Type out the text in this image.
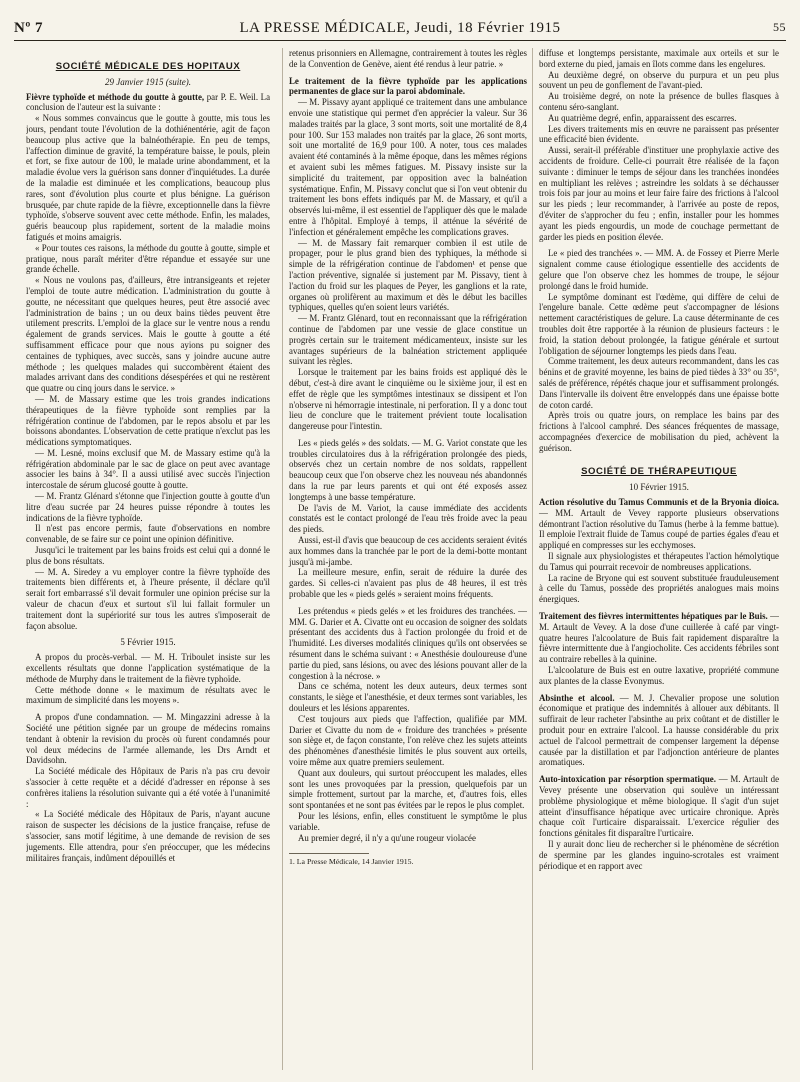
Nº 7	LA PRESSE MÉDICALE, Jeudi, 18 Février 1915	55
SOCIÉTÉ MÉDICALE DES HOPITAUX
29 Janvier 1915 (suite).

Fièvre typhoïde et méthode du goutte à goutte, par P. E. Weil. La conclusion de l'auteur est la suivante :

« Nous sommes convaincus que le goutte à goutte, mis tous les jours, pendant toute l'évolution de la dothiénentérie, agit de façon beaucoup plus active que la balnéothérapie. En peu de temps, l'affection diminue de gravité, la température baisse, le pouls, plein et fort, se fixe autour de 100, le malade urine abondamment, et la maladie évolue vers la guérison sans donner d'inquiétudes. La durée de la maladie est diminuée et les complications, beaucoup plus rares, sont d'évolution plus courte et plus bénigne. La guérison brusquée, par chute rapide de la fièvre, exceptionnelle dans la fièvre typhoïde, s'observe souvent avec cette méthode. Enfin, les malades, guéris beaucoup plus rapidement, sortent de la maladie moins fatigués et moins amaigris.

« Pour toutes ces raisons, la méthode du goutte à goutte, simple et pratique, nous paraît mériter d'être répandue et essayée sur une grande échelle.

« Nous ne voulons pas, d'ailleurs, être intransigeants et rejeter l'emploi de toute autre médication. L'administration du goutte à goutte, ne nécessitant que quelques heures, peut être associé avec l'administration de bains ; un ou deux bains tièdes peuvent être utilement prescrits. L'emploi de la glace sur le ventre nous a rendu également de grands services. Mais le goutte à goutte a été suffisamment efficace pour que nous ayions pu soigner des centaines de typhiques, avec succès, sans y joindre aucune autre méthode ; les quelques malades qui succombèrent étaient des malades arrivant dans des conditions désespérées et qui ne restèrent que quatre ou cinq jours dans le service. »

— M. de Massary estime que les trois grandes indications thérapeutiques de la fièvre typhoïde sont remplies par la réfrigération continue de l'abdomen, par le repos absolu et par les boissons abondantes. L'observation de cette pratique n'exclut pas les médications symptomatiques.

— M. Lesné, moins exclusif que M. de Massary estime qu'à la réfrigération abdominale par le sac de glace on peut avec avantage associer les bains à 34°. Il a aussi utilisé avec succès l'injection intercostale de sérum glucosé goutte à goutte.

— M. Frantz Glénard s'étonne que l'injection goutte à goutte d'un litre d'eau sucrée par 24 heures puisse répondre à toutes les indications de la fièvre typhoïde.

Il n'est pas encore permis, faute d'observations en nombre convenable, de se faire sur ce point une opinion définitive.

Jusqu'ici le traitement par les bains froids est celui qui a donné le plus de bons résultats.

— M. A. Siredey a vu employer contre la fièvre typhoïde des traitements bien différents et, à l'heure présente, il déclare qu'il serait fort embarrassé s'il devait formuler une opinion précise sur la valeur de chacun d'eux et surtout s'il lui fallait formuler un traitement dont la supériorité sur tous les autres s'imposerait de façon absolue.

5 Février 1915.

A propos du procès-verbal. — M. H. Triboulet insiste sur les excellents résultats que donne l'application systématique de la méthode de Murphy dans le traitement de la fièvre typhoïde.

Cette méthode donne « le maximum de résultats avec le maximum de simplicité dans les moyens ».

A propos d'une condamnation. — M. Mingazzini adresse à la Société une pétition signée par un groupe de médecins romains tendant à obtenir la revision du procès où furent condamnés pour vol deux médecins de l'armée allemande, les Drs Arndt et Davidsohn.

La Société médicale des Hôpitaux de Paris n'a pas cru devoir s'associer à cette requête et a décidé d'adresser en réponse à ses confrères italiens la résolution suivante qui a été votée à l'unanimité :

« La Société médicale des Hôpitaux de Paris, n'ayant aucune raison de suspecter les décisions de la justice française, refuse de s'associer, sans motif légitime, à une demande de revision de ses jugements. Elle attendra, pour s'en préoccuper, que les médecins militaires français, indûment dépouillés et

retenus prisonniers en Allemagne, contrairement à toutes les règles de la Convention de Genève, aient été rendus à leur patrie. »

Le traitement de la fièvre typhoïde par les applications permanentes de glace sur la paroi abdominale.

— M. Pissavy ayant appliqué ce traitement dans une ambulance envoie une statistique qui permet d'en apprécier la valeur. Sur 36 malades traités par la glace, 3 sont morts, soit une mortalité de 8,4 pour 100. Sur 153 malades non traités par la glace, 26 sont morts, soit une mortalité de 16,9 pour 100. A noter, tous ces malades avaient été contaminés à la même époque, dans les mêmes régions et avaient subi les mêmes fatigues. M. Pissavy insiste sur la simplicité du traitement, par opposition avec la balnéation systématique. Enfin, M. Pissavy conclut que si l'on veut obtenir du traitement les bons effets indiqués par M. de Massary, et qu'il a observés lui-même, il est essentiel de l'appliquer dès que le malade entre à l'hôpital. Employé à temps, il atténue la sévérité de l'infection et généralement empêche les complications graves.

— M. de Massary fait remarquer combien il est utile de propager, pour le plus grand bien des typhiques, la méthode si simple de la réfrigération continue de l'abdomen¹ et pense que l'action préventive, signalée si justement par M. Pissavy, tient à l'action du froid sur les plaques de Peyer, les ganglions et la rate, organes où prolifèrent au maximum et dès le début les bacilles typhiques, quelles qu'en soient leurs variétés.

— M. Frantz Glénard, tout en reconnaissant que la réfrigération continue de l'abdomen par une vessie de glace constitue un progrès certain sur le traitement médicamenteux, insiste sur les avantages supérieurs de la balnéation strictement appliquée suivant les règles.

Lorsque le traitement par les bains froids est appliqué dès le début, c'est-à dire avant le cinquième ou le sixième jour, il est en effet de règle que les symptômes intestinaux se dissipent et l'on n'observe ni hémorragie intestinale, ni perforation. Il y a donc tout lieu de conclure que le traitement prévient toute localisation dangereuse pour l'intestin.

Les « pieds gelés » des soldats. — M. G. Variot constate que les troubles circulatoires dus à la réfrigération prolongée des pieds, observés chez un certain nombre de nos soldats, rappellent beaucoup ceux que l'on observe chez les nouveau nés abandonnés dans la rue par leurs parents et qui ont été exposés assez longtemps à une basse température.

De l'avis de M. Variot, la cause immédiate des accidents constatés est le contact prolongé de l'eau très froide avec la peau des pieds.

Aussi, est-il d'avis que beaucoup de ces accidents seraient évités aux hommes dans la tranchée par le port de la demi-botte montant jusqu'à mi-jambe.

La meilleure mesure, enfin, serait de réduire la durée des gardes. Si celles-ci n'avaient pas plus de 48 heures, il est très probable que les « pieds gelés » seraient moins fréquents.

Les prétendus « pieds gelés » et les froidures des tranchées. — MM. G. Darier et A. Civatte ont eu occasion de soigner des soldats présentant des accidents dus à l'action prolongée du froid et de l'humidité. Les diverses modalités cliniques qu'ils ont observées se résument dans le schéma suivant : « Anesthésie douloureuse d'une partie du pied, sans lésions, ou avec des lésions pouvant aller de la congestion à la nécrose. »

Dans ce schéma, notent les deux auteurs, deux termes sont constants, le siège et l'anesthésie, et deux termes sont variables, les douleurs et les lésions apparentes.

C'est toujours aux pieds que l'affection, qualifiée par MM. Darier et Civatte du nom de « froidure des tranchées » présente son siège et, de façon constante, l'on relève chez les sujets atteints des phénomènes d'anesthésie limités le plus souvent aux orteils, voire même aux quatre premiers seulement.

Quant aux douleurs, qui surtout préoccupent les malades, elles sont les unes provoquées par la pression, quelquefois par un simple frottement, surtout par la marche, et, d'autres fois, elles sont spontanées et ne sont pas évitées par le repos le plus complet.

Pour les lésions, enfin, elles constituent le symptôme le plus variable.

Au premier degré, il n'y a qu'une rougeur violacée

1. La Presse Médicale, 14 Janvier 1915.

diffuse et longtemps persistante, maximale aux orteils et sur le bord externe du pied, jamais en îlots comme dans les engelures.

Au deuxième degré, on observe du purpura et un peu plus souvent un peu de gonflement de l'avant-pied.

Au troisième degré, on note la présence de bulles flasques à contenu séro-sanglant.

Au quatrième degré, enfin, apparaissent des escarres.

Les divers traitements mis en œuvre ne paraissent pas présenter une efficacité bien évidente.

Aussi, serait-il préférable d'instituer une prophylaxie active des accidents de froidure. Celle-ci pourrait être réalisée de la façon suivante : diminuer le temps de séjour dans les tranchées inondées en multipliant les relèves ; astreindre les soldats à se déchausser trois fois par jour au moins et leur faire faire des frictions à l'alcool sur les pieds ; leur recommander, à l'arrivée au poste de repos, d'éviter de s'approcher du feu ; enfin, installer pour les hommes ayant les pieds engourdis, un mode de couchage permettant de garder les pieds en position élevée.

Le « pied des tranchées ». — MM. A. de Fossey et Pierre Merle signalent comme cause étiologique essentielle des accidents de gelure que l'on observe chez les hommes de troupe, le séjour prolongé dans le froid humide.

Le symptôme dominant est l'œdème, qui diffère de celui de l'engelure banale. Cette œdème peut s'accompagner de lésions nettement caractéristiques de gelure. La cause déterminante de ces troubles doit être rapportée à la réunion de plusieurs facteurs : le froid, la station debout prolongée, la fatigue générale et surtout l'obligation de séjourner longtemps les pieds dans l'eau.

Comme traitement, les deux auteurs recommandent, dans les cas bénins et de gravité moyenne, les bains de pied tièdes à 33° ou 35°, salés de préférence, répétés chaque jour et suffisamment prolongés. Dans l'intervalle ils doivent être enveloppés dans une épaisse botte de coton cardé.

Après trois ou quatre jours, on remplace les bains par des frictions à l'alcool camphré. Des séances fréquentes de massage, accompagnées d'exercice de mobilisation du pied, achèvent la guérison.

SOCIÉTÉ DE THÉRAPEUTIQUE
10 Février 1915.

Action résolutive du Tamus Communis et de la Bryonia dioica. — MM. Artault de Vevey rapporte plusieurs observations démontrant l'action résolutive du Tamus (herbe à la femme battue). Il emploie l'extrait fluide de Tamus coupé de parties égales d'eau et appliqué en compresses sur les ecchymoses.

Il signale aux physiologistes et thérapeutes l'action hémolytique du Tamus qui pourrait recevoir de nombreuses applications.

La racine de Bryone qui est souvent substituée frauduleusement à celle du Tamus, possède des propriétés analogues mais moins énergiques.

Traitement des fièvres intermittentes hépatiques par le Buis. — M. Artault de Vevey. A la dose d'une cuillerée à café par vingt-quatre heures l'alcoolature de Buis fait rapidement disparaître la fièvre intermittente due à l'angiocholite. Ces accidents fébriles sont au contraire rebelles à la quinine.

L'alcoolature de Buis est en outre laxative, propriété commune aux plantes de la classe Evonymus.

Absinthe et alcool. — M. J. Chevalier propose une solution économique et pratique des indemnités à allouer aux débitants. Il suffirait de leur racheter l'absinthe au prix coûtant et de distiller le produit pour en extraire l'alcool. La hausse considérable du prix actuel de l'alcool permettrait de compenser largement la dépense causée par la distillation et par l'adjonction antérieure de plantes aromatiques.

Auto-intoxication par résorption spermatique. — M. Artault de Vevey présente une observation qui soulève un intéressant problème physiologique et même biologique. Il s'agit d'un sujet atteint d'insuffisance hépatique avec urticaire chronique. Après chaque coït l'urticaire disparaissait. L'exercice régulier des fonctions génitales fit disparaître l'urticaire.

Il y aurait donc lieu de rechercher si le phénomène de sécrétion de spermine par les glandes inguino-scrotales est vraiment périodique et en rapport avec
